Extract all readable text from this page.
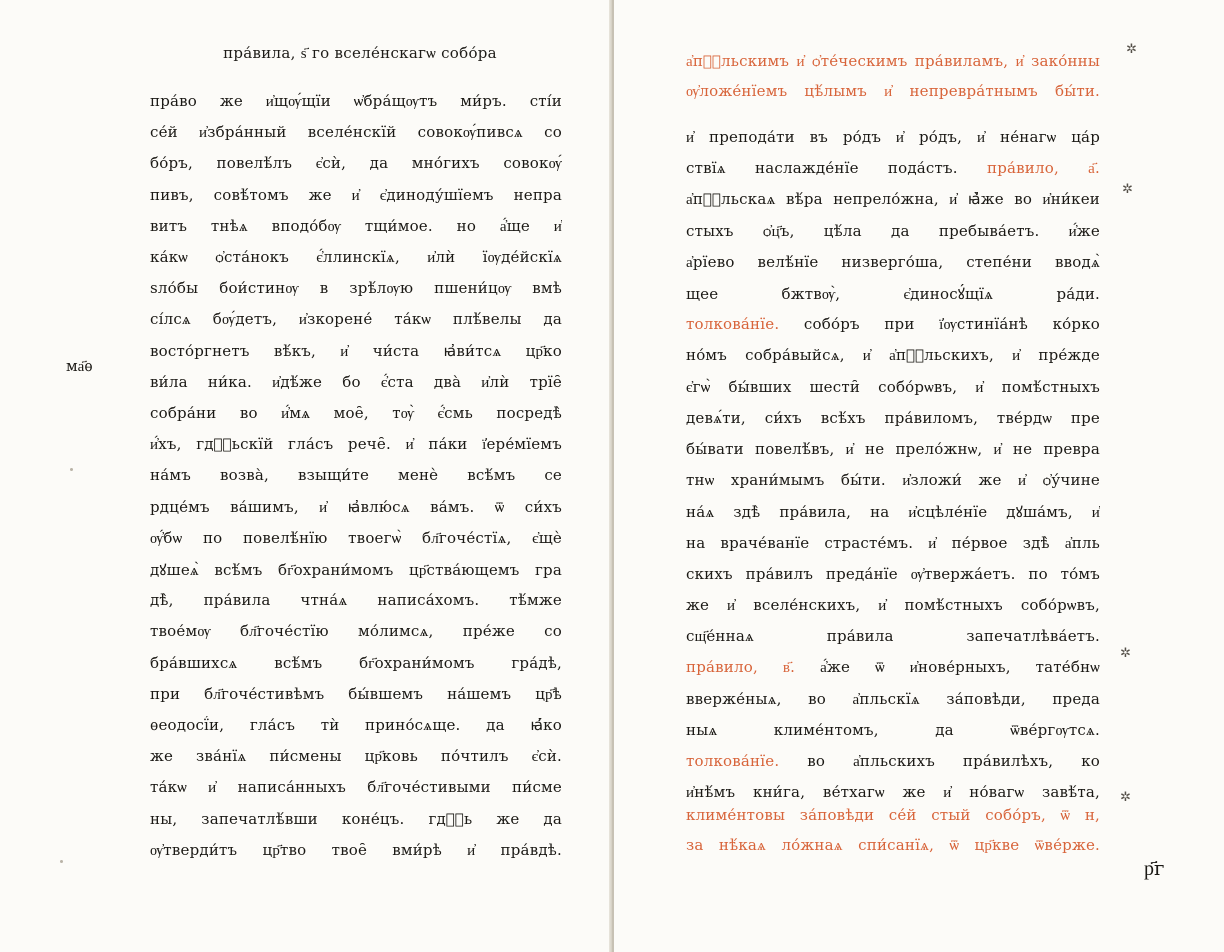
пра́вила, ѕ҃ го вселе́нскагѡ собо́ра
ма҃ѳ
пра́во же и҆щѹ́щїи ѡ҆бра́щѹтъ ми́ръ. сті́и
се́й и҆збра́нный вселе́нскїй совокѹ́пивсѧ со
бо́ръ, повелѣ́лъ є҆сѝ, да мно́гихъ совокѹ́
пивъ, совѣ́томъ же и҆ є҆диноду́шїемъ непра
витъ тнѣѧ вподо́бѹ тщи́мое. но а҆́ще и҆
ка́кѡ ѻ҆ста́нокъ є҆́ллинскїѧ, и҆лѝ їѹде́йскїѧ
ѕло́бы бои́стинѹ в зрѣ́лѹю пшени́цѹ вмѣ
сı́лсѧ бѹ́детъ, и҆зкорене́ та́кѡ плѣ́велы да
восто́ргнетъ вѣ́къ, и҆ чи́ста ꙗ҆ви́тсѧ цр҃ко
ви́ла ни́ка. и҆дѣ́же бо є҆́ста два̀ и҆лѝ трїе̑
собра́ни во и҆́мѧ мое̑, тѹ̀ є҆́смь посредѣ̀
и҆́хъ, гдⷭ҇ьскїй гла́съ рече̑. и҆ па́ки ї҆ере́мїемъ
на́мъ возва̀, взыщи́те менѐ всѣ́мъ се
рдце́мъ ва́шимъ, и҆ ꙗ҆влю́сѧ ва́мъ. ѿ си́хъ
ѹ҆́бѡ по повелѣ́нїю твоегѡ̀ бл҃гоче́стїѧ, є҆щѐ
дꙋшеѧ̀ всѣ́мъ бг҃охрани́момъ цр҃ства́ющемъ гра
дѣ̀, пра́вила чтна́ѧ написа́хомъ. тѣ́мже
твое́мѹ бл҃гоче́стїю мо́лимсѧ, пре́же со
бра́вшихсѧ всѣ́мъ бг҃охрани́момъ гра́дѣ,
при бл҃гоче́стивѣмъ бы́вшемъ на́шемъ цр҃ѣ
ѳеодосї́и, гла́съ тѝ прино́сѧще. да ꙗ҆́ко
же зва́нїѧ пи́смены цр҃ковь по́чтилъ є҆сѝ.
та́кѡ и҆ написа́нныхъ бл҃гоче́стивыми пи́сме
ны, запечатлѣ́вши коне́цъ. гдⷭ҇ь же да
ѹ҆тверди́тъ цр҃тво твое̑ вми́рѣ и҆ пра́вдѣ.
а҆пⷭ҇льскимъ и҆ ѻ҆те́ческимъ пра́виламъ, и҆ зако́нны
ѹ҆ложе́нїемъ цѣ́лымъ и҆ непревра́тнымъ бы́ти.
и҆ препода́ти въ ро́дъ и҆ ро́дъ, и҆ не́нагѡ ца́р
ствїѧ наслажде́нїе пода́стъ. пра́вило, а҃.
а҆пⷭ҇льскаѧ вѣ́ра непрело́жна, и҆ ꙗ҆̀же во и҆ни́кеи
стыхъ ѻ҆ц҃ъ, цѣ́ла да пребыва́етъ. и҆́же
а҆рїево велѣ́нїе низверго́ша, степе́ни вводѧ̀
щее бжтвѹ̀, є҆диносꙋ́щїѧ ра́ди.
толкова́нїе. собо́ръ при ї҆ѹстинїа́нѣ ко́рко
но́мъ собра́выйсѧ, и҆ а҆пⷭ҇льскихъ, и҆ пре́жде
є҆гѡ̀ бы́вших шести̑ собо́рѡвъ, и҆ помѣ́стныхъ
девѧ́ти, си́хъ всѣ́хъ пра́виломъ, тве́рдѡ пре
бы́вати повелѣ́въ, и҆ не прело́жнѡ, и҆ не превра
тнѡ храни́мымъ бы́ти. и҆зложи́ же и҆ ѻ҆у́чине
на́ѧ здѣ̀ пра́вила, на и҆сцѣле́нїе дꙋша́мъ, и҆
на враче́ванїе страсте́мъ. и҆ пе́рвое здѣ̀ а҆пль
скихъ пра́вилъ преда́нїе ѹ҆твержа́етъ. по то́мъ
же и҆ вселе́нскихъ, и҆ помѣ́стныхъ собо́рѡвъ,
сщ҃е́ннаѧ пра́вила запечатлѣва́етъ.
пра́вило, в҃. а҆́же ѿ и҆нове́рныхъ, тате́бнѡ
вверже́ныѧ, во а҆пльскїѧ за́повѣди, преда
ныѧ климе́нтомъ, да ѿве́ргѹтсѧ.
толкова́нїе. во а҆пльскихъ пра́вилѣхъ, ко
и҆нѣ́мъ кни́га, ве́тхагѡ же и҆ но́вагѡ завѣ́та,
климе́нтовы за́повѣди се́й стый собо́ръ, ѿ н,
за нѣ́каѧ ло́жнаѧ спи́санїѧ, ѿ цр҃кве ѿве́рже.
✲
✲
✲
✲
р҃г
